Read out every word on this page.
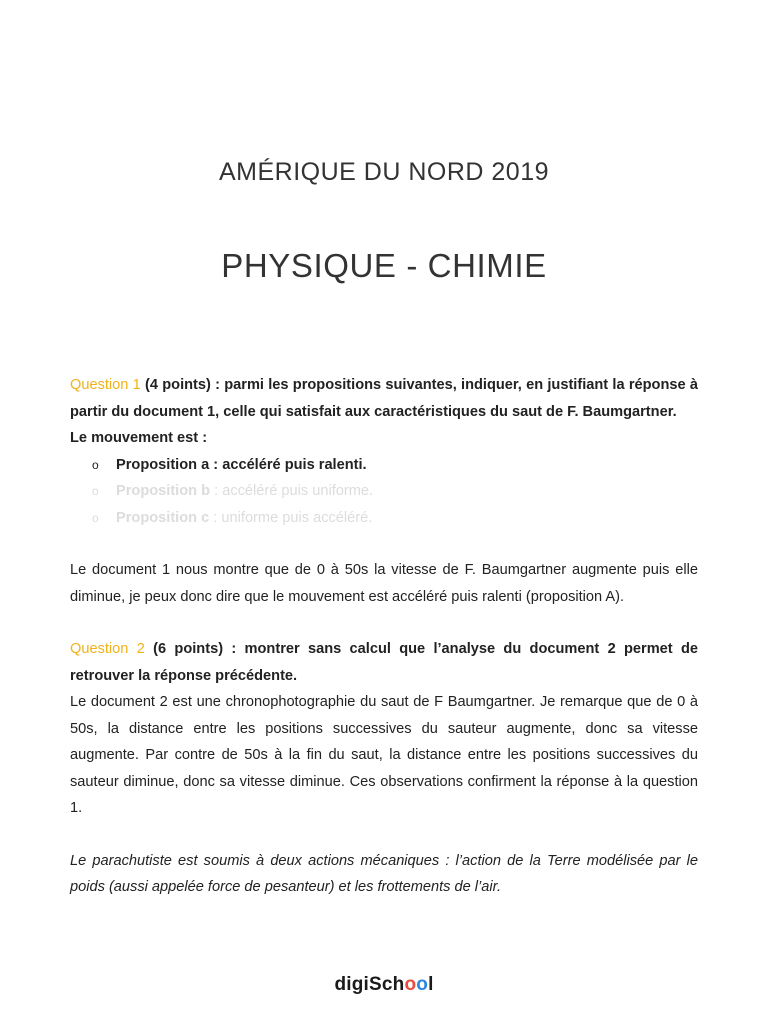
AMÉRIQUE DU NORD 2019
PHYSIQUE - CHIMIE

Question 1 (4 points) : parmi les propositions suivantes, indiquer, en justifiant la réponse à partir du document 1, celle qui satisfait aux caractéristiques du saut de F. Baumgartner.

Le mouvement est :

o Proposition a : accéléré puis ralenti.
o Proposition b : accéléré puis uniforme.
o Proposition c : uniforme puis accéléré.

Le document 1 nous montre que de 0 à 50s la vitesse de F. Baumgartner augmente puis elle diminue, je peux donc dire que le mouvement est accéléré puis ralenti (proposition A).

Question 2 (6 points) : montrer sans calcul que l’analyse du document 2 permet de retrouver la réponse précédente.

Le document 2 est une chronophotographie du saut de F Baumgartner. Je remarque que de 0 à 50s, la distance entre les positions successives du sauteur augmente, donc sa vitesse augmente. Par contre de 50s à la fin du saut, la distance entre les positions successives du sauteur diminue, donc sa vitesse diminue. Ces observations confirment la réponse à la question 1.

Le parachutiste est soumis à deux actions mécaniques : l’action de la Terre modélisée par le poids (aussi appelée force de pesanteur) et les frottements de l’air.

digiSchool
